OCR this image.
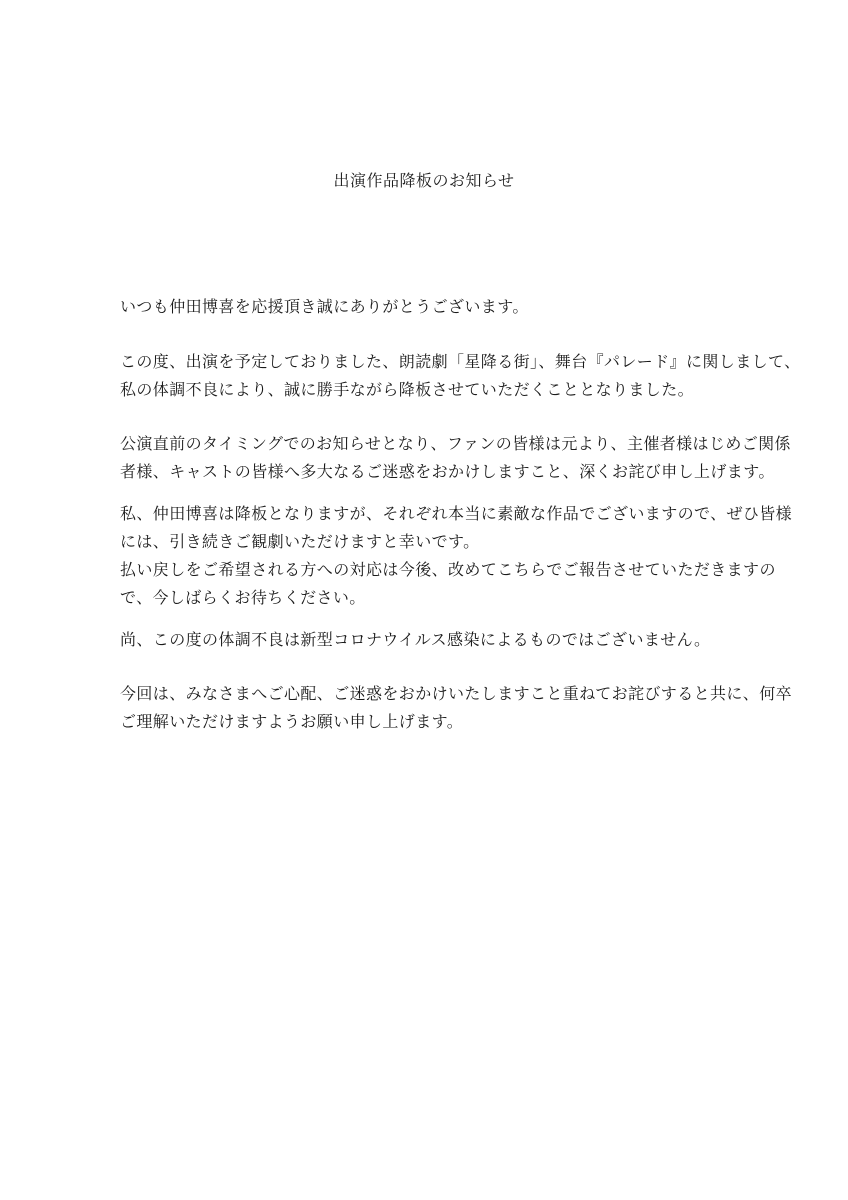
出演作品降板のお知らせ

いつも仲田博喜を応援頂き誠にありがとうございます。

この度、出演を予定しておりました、朗読劇「星降る街」、舞台『パレード』に関しまして、
私の体調不良により、誠に勝手ながら降板させていただくこととなりました。

公演直前のタイミングでのお知らせとなり、ファンの皆様は元より、主催者様はじめご関係
者様、キャストの皆様へ多大なるご迷惑をおかけしますこと、深くお詫び申し上げます。

私、仲田博喜は降板となりますが、それぞれ本当に素敵な作品でございますので、ぜひ皆様
には、引き続きご観劇いただけますと幸いです。
払い戻しをご希望される方への対応は今後、改めてこちらでご報告させていただきますの
で、今しばらくお待ちください。

尚、この度の体調不良は新型コロナウイルス感染によるものではございません。

今回は、みなさまへご心配、ご迷惑をおかけいたしますこと重ねてお詫びすると共に、何卒
ご理解いただけますようお願い申し上げます。
